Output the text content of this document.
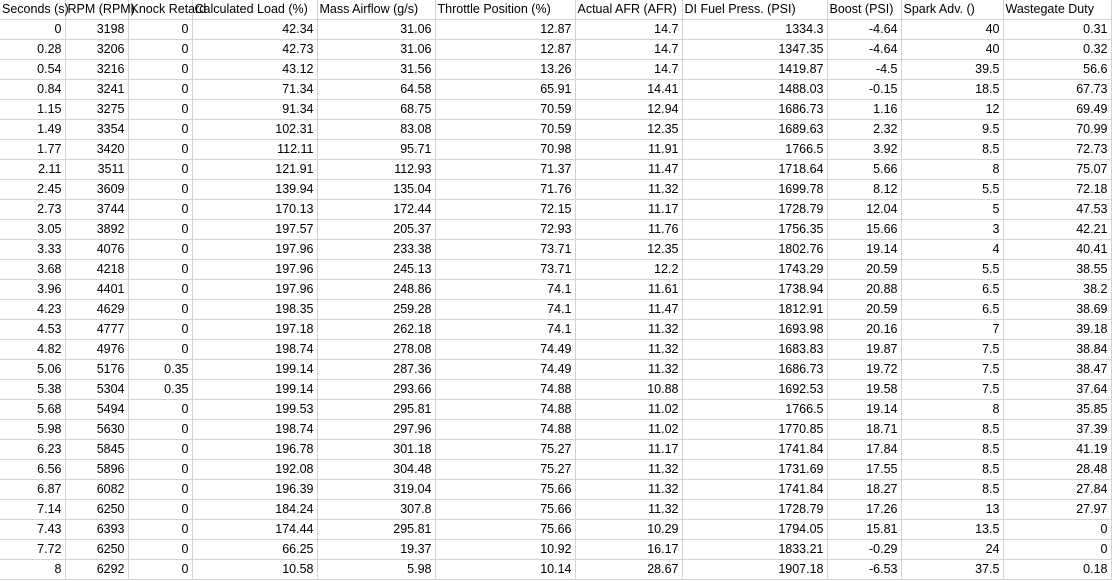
Seconds (s)	RPM (RPM)	Knock Retard	Calculated Load (%)	Mass Airflow (g/s)	Throttle Position (%)	Actual AFR (AFR)	DI Fuel Press. (PSI)	Boost (PSI)	Spark Adv. ()	Wastegate Duty
0	3198	0	42.34	31.06	12.87	14.7	1334.3	-4.64	40	0.31
0.28	3206	0	42.73	31.06	12.87	14.7	1347.35	-4.64	40	0.32
0.54	3216	0	43.12	31.56	13.26	14.7	1419.87	-4.5	39.5	56.6
0.84	3241	0	71.34	64.58	65.91	14.41	1488.03	-0.15	18.5	67.73
1.15	3275	0	91.34	68.75	70.59	12.94	1686.73	1.16	12	69.49
1.49	3354	0	102.31	83.08	70.59	12.35	1689.63	2.32	9.5	70.99
1.77	3420	0	112.11	95.71	70.98	11.91	1766.5	3.92	8.5	72.73
2.11	3511	0	121.91	112.93	71.37	11.47	1718.64	5.66	8	75.07
2.45	3609	0	139.94	135.04	71.76	11.32	1699.78	8.12	5.5	72.18
2.73	3744	0	170.13	172.44	72.15	11.17	1728.79	12.04	5	47.53
3.05	3892	0	197.57	205.37	72.93	11.76	1756.35	15.66	3	42.21
3.33	4076	0	197.96	233.38	73.71	12.35	1802.76	19.14	4	40.41
3.68	4218	0	197.96	245.13	73.71	12.2	1743.29	20.59	5.5	38.55
3.96	4401	0	197.96	248.86	74.1	11.61	1738.94	20.88	6.5	38.2
4.23	4629	0	198.35	259.28	74.1	11.47	1812.91	20.59	6.5	38.69
4.53	4777	0	197.18	262.18	74.1	11.32	1693.98	20.16	7	39.18
4.82	4976	0	198.74	278.08	74.49	11.32	1683.83	19.87	7.5	38.84
5.06	5176	0.35	199.14	287.36	74.49	11.32	1686.73	19.72	7.5	38.47
5.38	5304	0.35	199.14	293.66	74.88	10.88	1692.53	19.58	7.5	37.64
5.68	5494	0	199.53	295.81	74.88	11.02	1766.5	19.14	8	35.85
5.98	5630	0	198.74	297.96	74.88	11.02	1770.85	18.71	8.5	37.39
6.23	5845	0	196.78	301.18	75.27	11.17	1741.84	17.84	8.5	41.19
6.56	5896	0	192.08	304.48	75.27	11.32	1731.69	17.55	8.5	28.48
6.87	6082	0	196.39	319.04	75.66	11.32	1741.84	18.27	8.5	27.84
7.14	6250	0	184.24	307.8	75.66	11.32	1728.79	17.26	13	27.97
7.43	6393	0	174.44	295.81	75.66	10.29	1794.05	15.81	13.5	0
7.72	6250	0	66.25	19.37	10.92	16.17	1833.21	-0.29	24	0
8	6292	0	10.58	5.98	10.14	28.67	1907.18	-6.53	37.5	0.18
